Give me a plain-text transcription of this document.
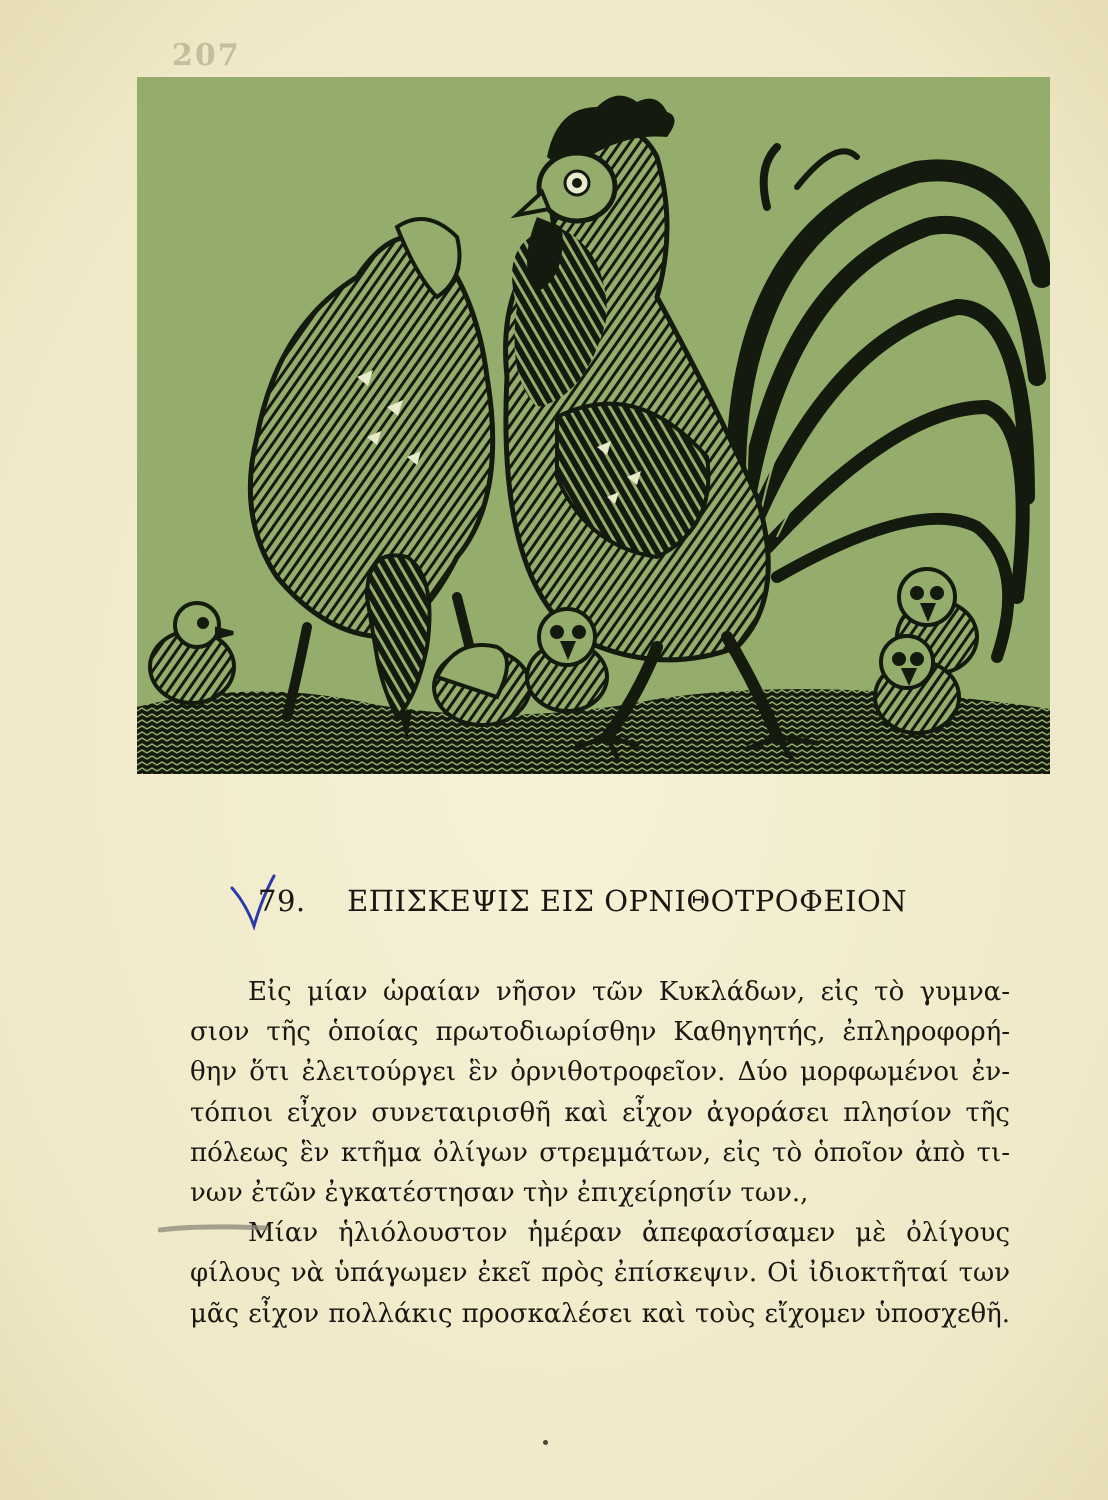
207
79. ΕΠΙΣΚΕΨΙΣ ΕΙΣ ΟΡΝΙΘΟΤΡΟΦΕΙΟΝ
Εἰς μίαν ὡραίαν νῆσον τῶν Κυκλάδων, εἰς τὸ γυμνα-
σιον τῆς ὁποίας πρωτοδιωρίσθην Καθηγητής, ἐπληροφορή-
θην ὅτι ἐλειτούργει ἓν ὀρνιθοτροφεῖον. Δύο μορφωμένοι ἐν-
τόπιοι εἶχον συνεταιρισθῆ καὶ εἶχον ἀγοράσει πλησίον τῆς
πόλεως ἓν κτῆμα ὀλίγων στρεμμάτων, εἰς τὸ ὁποῖον ἀπὸ τι-
νων ἐτῶν ἐγκατέστησαν τὴν ἐπιχείρησίν των.,
Μίαν ἡλιόλουστον ἡμέραν ἀπεφασίσαμεν μὲ ὀλίγους
φίλους νὰ ὑπάγωμεν ἐκεῖ πρὸς ἐπίσκεψιν. Οἱ ἰδιοκτῆταί των
μᾶς εἶχον πολλάκις προσκαλέσει καὶ τοὺς εἴχομεν ὑποσχεθῆ.
